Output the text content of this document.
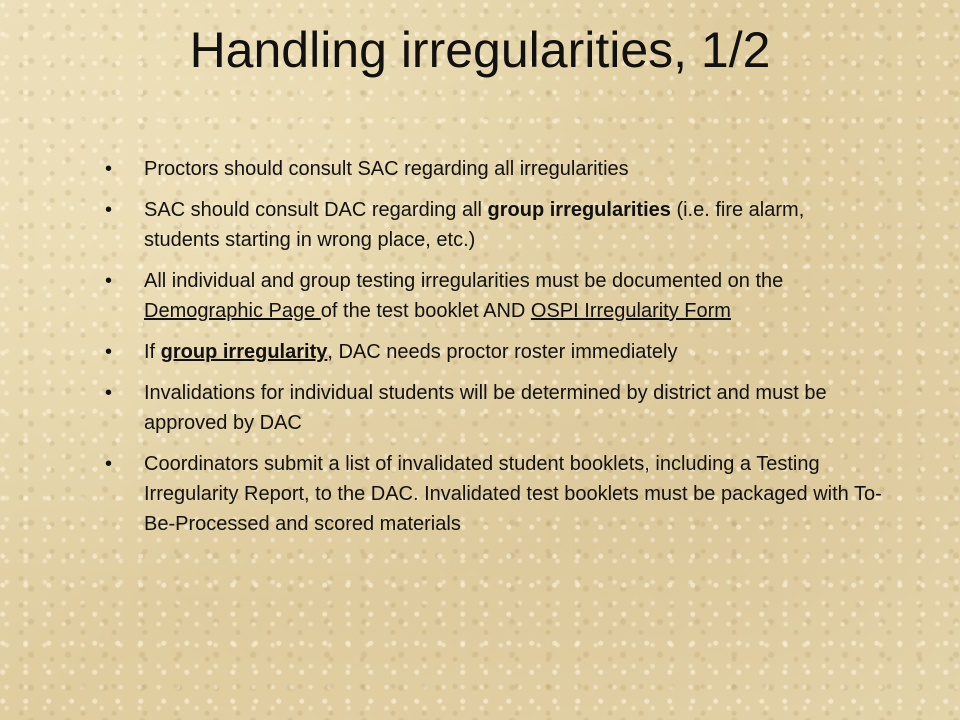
Handling irregularities, 1/2
• Proctors should consult SAC regarding all irregularities
• SAC should consult DAC regarding all group irregularities (i.e. fire alarm, students starting in wrong place, etc.)
• All individual and group testing irregularities must be documented on the Demographic Page of the test booklet AND OSPI Irregularity Form
• If group irregularity, DAC needs proctor roster immediately
• Invalidations for individual students will be determined by district and must be approved by DAC
• Coordinators submit a list of invalidated student booklets, including a Testing Irregularity Report, to the DAC. Invalidated test booklets must be packaged with To-Be-Processed and scored materials
